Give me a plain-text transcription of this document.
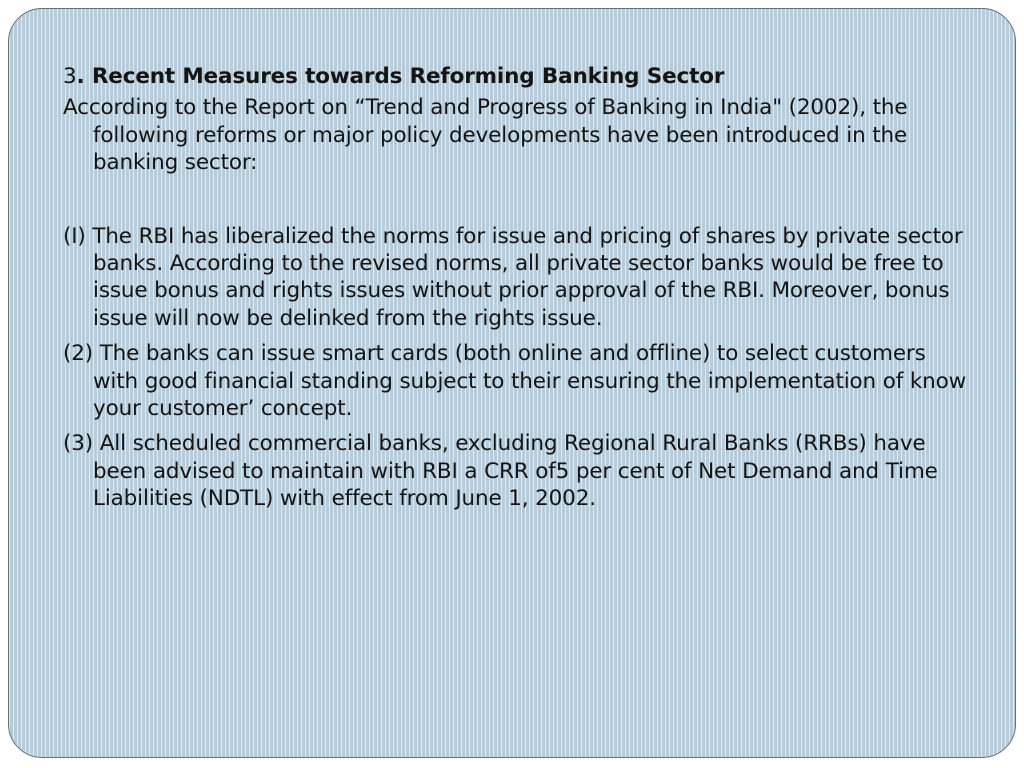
3. Recent Measures towards Reforming Banking Sector

According to the Report on “Trend and Progress of Banking in India" (2002), the following reforms or major policy developments have been introduced in the banking sector:

(I) The RBI has liberalized the norms for issue and pricing of shares by private sector banks. According to the revised norms, all private sector banks would be free to issue bonus and rights issues without prior approval of the RBI. Moreover, bonus issue will now be delinked from the rights issue.

(2) The banks can issue smart cards (both online and offline) to select customers with good financial standing subject to their ensuring the implementation of know your customer’ concept.

(3) All scheduled commercial banks, excluding Regional Rural Banks (RRBs) have been advised to maintain with RBI a CRR of5 per cent of Net Demand and Time Liabilities (NDTL) with effect from June 1, 2002.
